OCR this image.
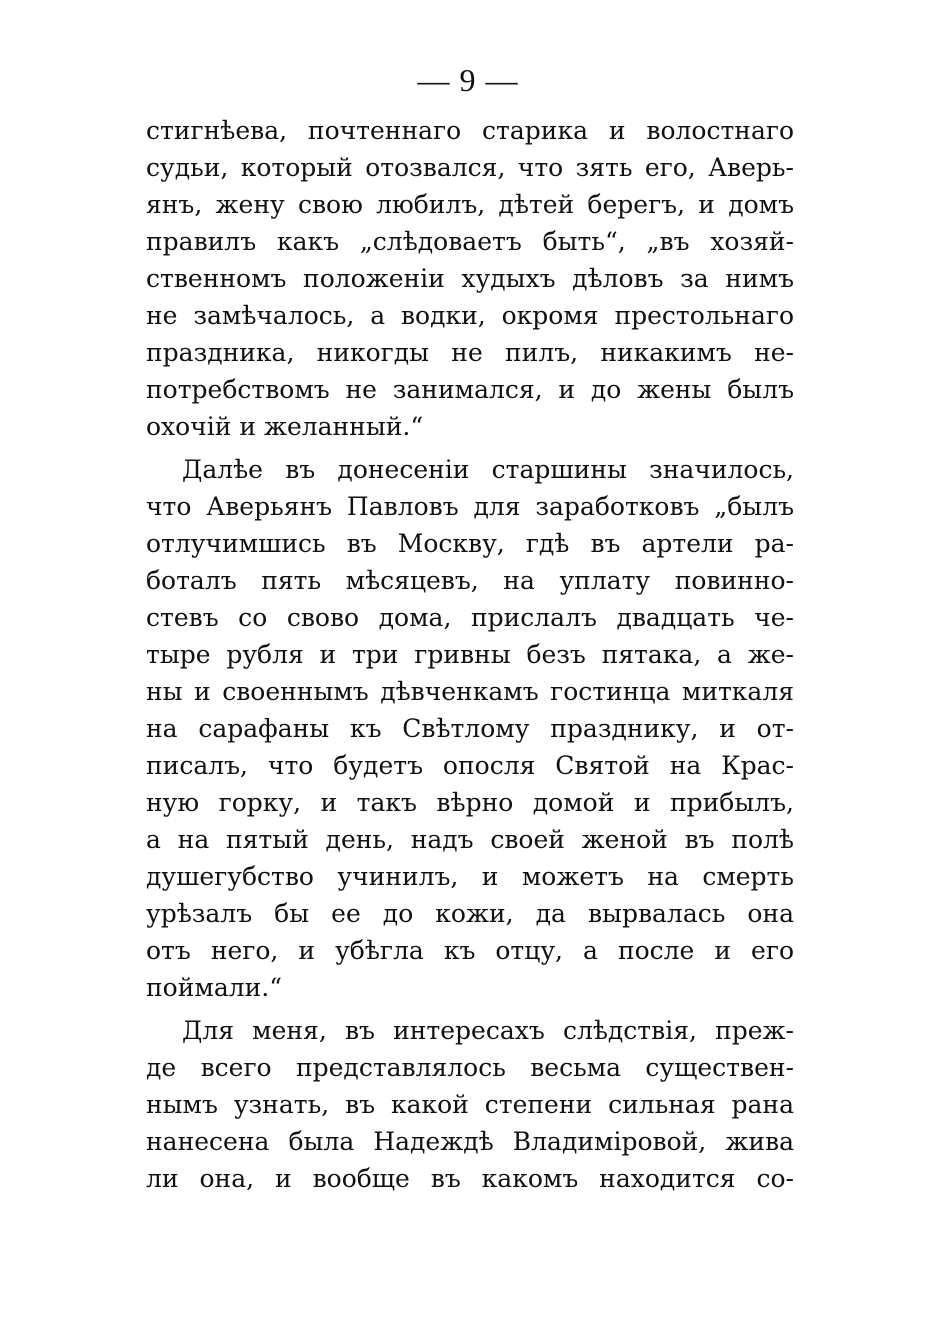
— 9 —
стигнѣева, почтеннаго старика и волостнаго
судьи, который отозвался, что зять его, Аверь-
янъ, жену свою любилъ, дѣтей берегъ, и домъ
правилъ какъ „слѣдоваетъ быть“, „въ хозяй-
ственномъ положеніи худыхъ дѣловъ за нимъ
не замѣчалось, а водки, окромя престольнаго
праздника, никогды не пилъ, никакимъ не-
потребствомъ не занимался, и до жены былъ
охочій и желанный.“
Далѣе въ донесеніи старшины значилось,
что Аверьянъ Павловъ для заработковъ „былъ
отлучимшись въ Москву, гдѣ въ артели ра-
боталъ пять мѣсяцевъ, на уплату повинно-
стевъ со свово дома, прислалъ двадцать че-
тыре рубля и три гривны безъ пятака, а же-
ны и своеннымъ дѣвченкамъ гостинца миткаля
на сарафаны къ Свѣтлому празднику, и от-
писалъ, что будетъ опосля Святой на Крас-
ную горку, и такъ вѣрно домой и прибылъ,
а на пятый день, надъ своей женой въ полѣ
душегубство учинилъ, и можетъ на смерть
урѣзалъ бы ее до кожи, да вырвалась она
отъ него, и убѣгла къ отцу, а после и его
поймали.“
Для меня, въ интересахъ слѣдствія, преж-
де всего представлялось весьма существен-
нымъ узнать, въ какой степени сильная рана
нанесена была Надеждѣ Владиміровой, жива
ли она, и вообще въ какомъ находится со-
